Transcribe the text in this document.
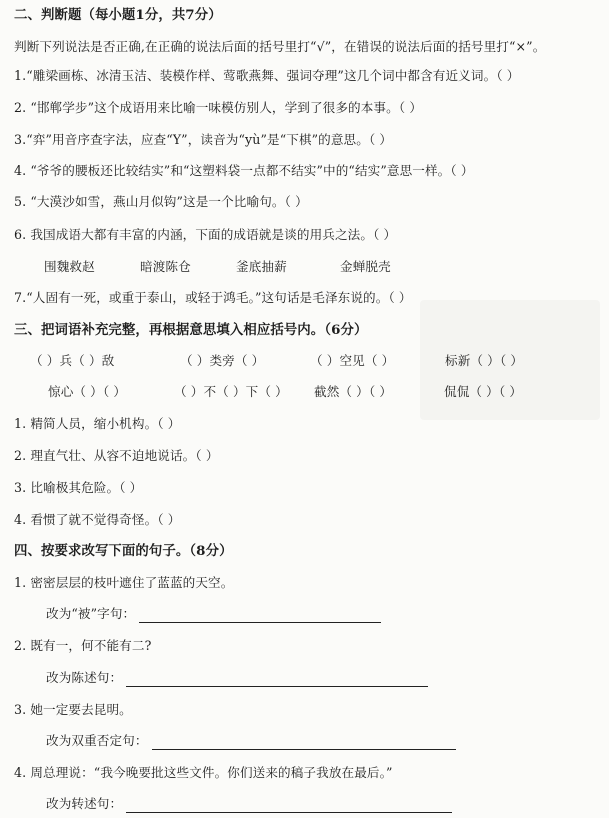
二、判断题（每小题1分，共7分）
判断下列说法是否正确,在正确的说法后面的括号里打“√”，在错误的说法后面的括号里打“×”。
1.“雕梁画栋、冰清玉洁、装模作样、莺歌燕舞、强词夺理”这几个词中都含有近义词。（ ）
2. “邯郸学步”这个成语用来比喻一味模仿别人，学到了很多的本事。（ ）
3.“弈”用音序查字法，应查“Y”，读音为“yù”是“下棋”的意思。（ ）
4. “爷爷的腰板还比较结实”和“这塑料袋一点都不结实”中的“结实”意思一样。（ ）
5. “大漠沙如雪，燕山月似钩”这是一个比喻句。（ ）
6. 我国成语大都有丰富的内涵，下面的成语就是谈的用兵之法。（ ）
围魏救赵	暗渡陈仓	釜底抽薪	金蝉脱壳
7.“人固有一死，或重于泰山，或轻于鸿毛。”这句话是毛泽东说的。（ ）
三、把词语补充完整，再根据意思填入相应括号内。（6分）
（ ）兵（ ）敌	（ ）类旁（ ）	（ ）空见（ ）	标新（ ）（ ）
惊心（ ）（ ）	（ ）不（ ）下（ ） 截然（ ）（ ）	侃侃（ ）（ ）
1. 精简人员，缩小机构。（ ）
2. 理直气壮、从容不迫地说话。（ ）
3. 比喻极其危险。（ ）
4. 看惯了就不觉得奇怪。（ ）
四、按要求改写下面的句子。（8分）
1. 密密层层的枝叶遮住了蓝蓝的天空。
改为“被”字句：
2. 既有一，何不能有二?
改为陈述句：
3. 她一定要去昆明。
改为双重否定句：
4. 周总理说：“我今晚要批这些文件。你们送来的稿子我放在最后。”
改为转述句：
